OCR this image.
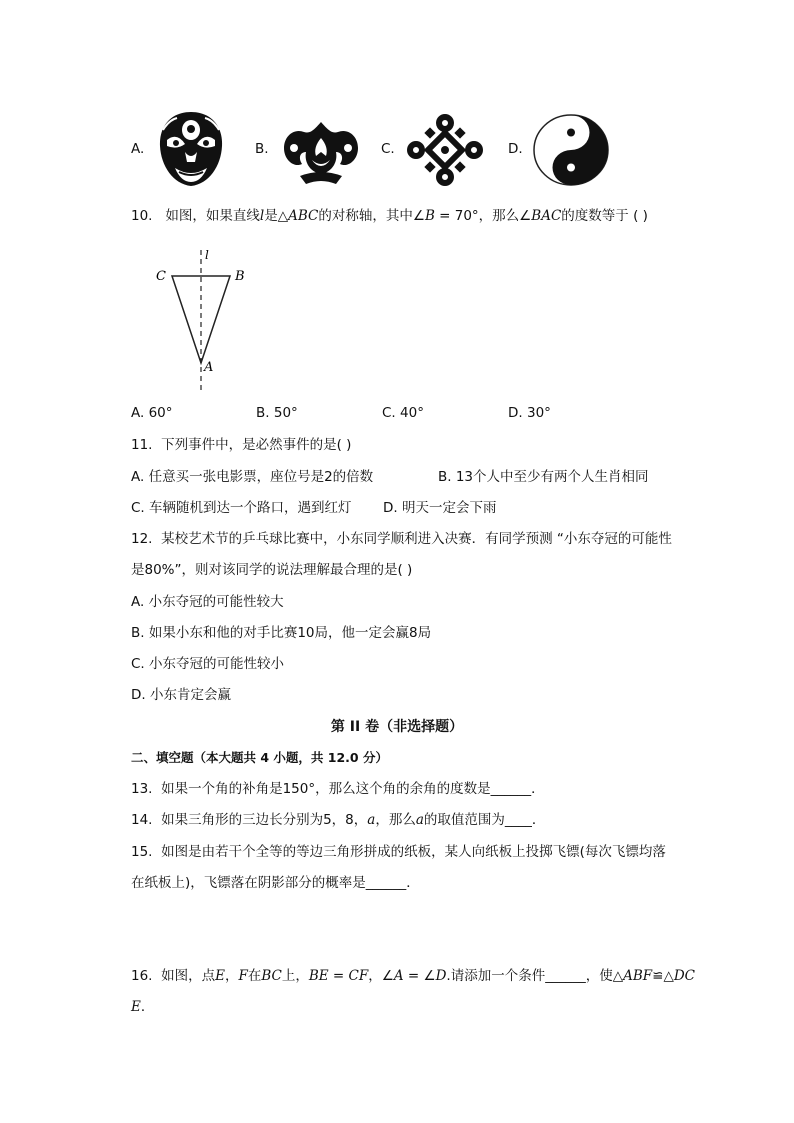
A.	B.	C.	D.
10. 如图，如果直线l是△ABC的对称轴，其中∠B = 70°，那么∠BAC的度数等于 ( )
C	B
A
l
A. 60°	B. 50°	C. 40°	D. 30°
11. 下列事件中，是必然事件的是( )
A. 任意买一张电影票，座位号是2的倍数	B. 13个人中至少有两个人生肖相同
C. 车辆随机到达一个路口，遇到红灯 D. 明天一定会下雨
12. 某校艺术节的乒乓球比赛中，小东同学顺利进入决赛．有同学预测 “小东夺冠的可能性
是80%”，则对该同学的说法理解最合理的是( )
A. 小东夺冠的可能性较大
B. 如果小东和他的对手比赛10局，他一定会赢8局
C. 小东夺冠的可能性较小
D. 小东肯定会赢
第 II 卷（非选择题）
二、填空题（本大题共 4 小题，共 12.0 分）
13. 如果一个角的补角是150°，那么这个角的余角的度数是______．
14. 如果三角形的三边长分别为5，8，a，那么a的取值范围为____．
15. 如图是由若干个全等的等边三角形拼成的纸板，某人向纸板上投掷飞镖(每次飞镖均落
在纸板上)，飞镖落在阴影部分的概率是______．
16. 如图，点E，F在BC上，BE = CF，∠A = ∠D.请添加一个条件______，使△ABF≌△DC
E．
